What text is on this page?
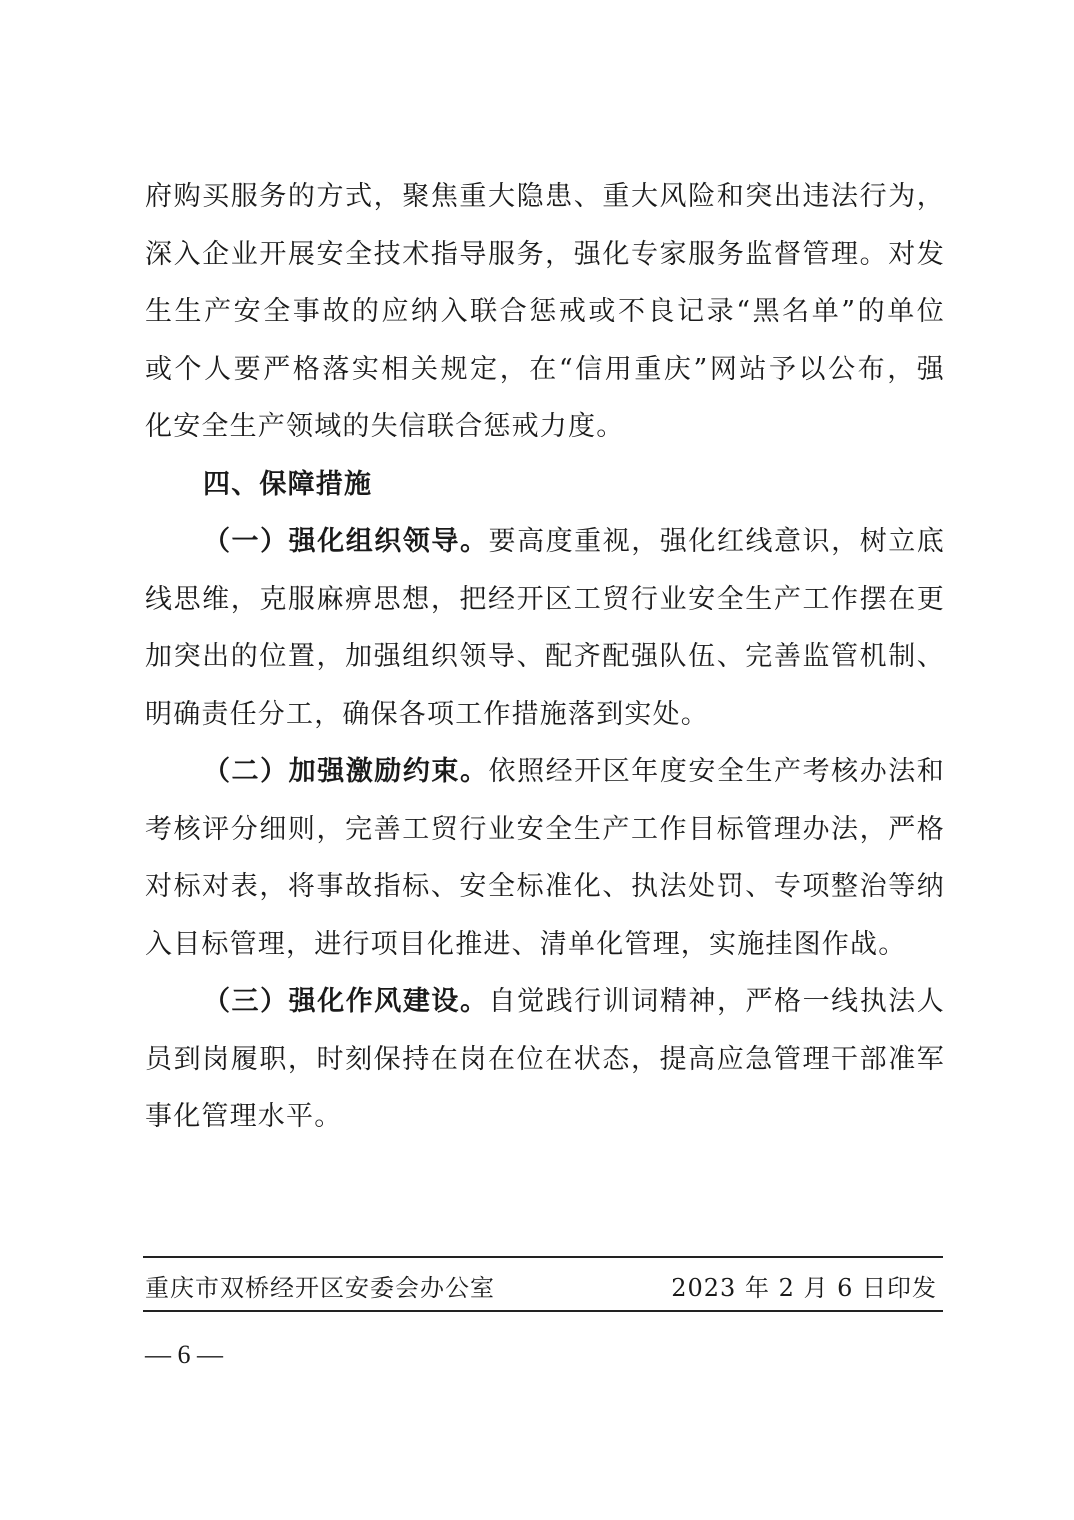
府购买服务的方式，聚焦重大隐患、重大风险和突出违法行为，
深入企业开展安全技术指导服务，强化专家服务监督管理。对发
生生产安全事故的应纳入联合惩戒或不良记录“黑名单”的单位
或个人要严格落实相关规定，在“信用重庆”网站予以公布，强
化安全生产领域的失信联合惩戒力度。
四、保障措施
（一）强化组织领导。要高度重视，强化红线意识，树立底
线思维，克服麻痹思想，把经开区工贸行业安全生产工作摆在更
加突出的位置，加强组织领导、配齐配强队伍、完善监管机制、
明确责任分工，确保各项工作措施落到实处。
（二）加强激励约束。依照经开区年度安全生产考核办法和
考核评分细则，完善工贸行业安全生产工作目标管理办法，严格
对标对表，将事故指标、安全标准化、执法处罚、专项整治等纳
入目标管理，进行项目化推进、清单化管理，实施挂图作战。
（三）强化作风建设。自觉践行训词精神，严格一线执法人
员到岗履职，时刻保持在岗在位在状态，提高应急管理干部准军
事化管理水平。
重庆市双桥经开区安委会办公室	2023 年 2 月 6 日印发
— 6 —
